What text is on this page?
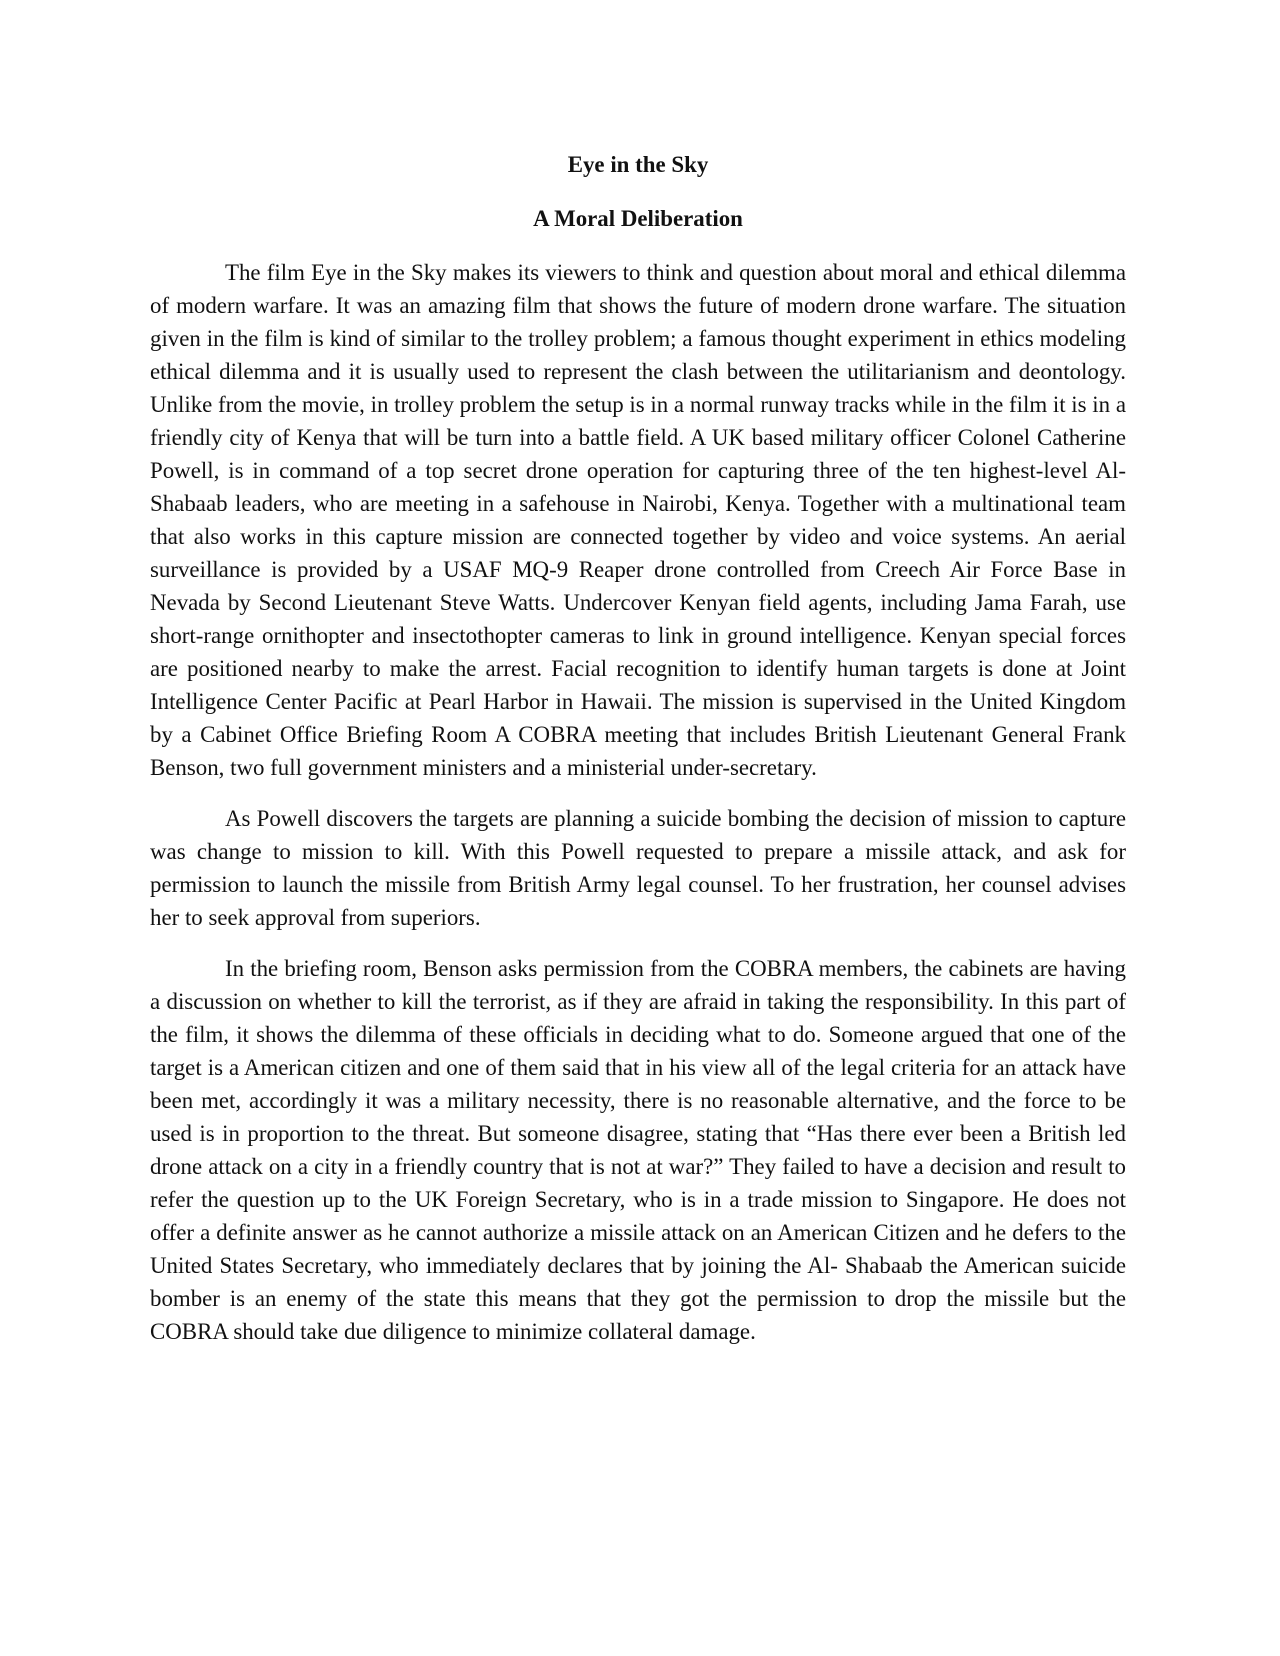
Eye in the Sky

A Moral Deliberation

The film Eye in the Sky makes its viewers to think and question about moral and ethical dilemma of modern warfare. It was an amazing film that shows the future of modern drone warfare. The situation given in the film is kind of similar to the trolley problem; a famous thought experiment in ethics modeling ethical dilemma and it is usually used to represent the clash between the utilitarianism and deontology. Unlike from the movie, in trolley problem the setup is in a normal runway tracks while in the film it is in a friendly city of Kenya that will be turn into a battle field. A UK based military officer Colonel Catherine Powell, is in command of a top secret drone operation for capturing three of the ten highest-level Al-Shabaab leaders, who are meeting in a safehouse in Nairobi, Kenya. Together with a multinational team that also works in this capture mission are connected together by video and voice systems. An aerial surveillance is provided by a USAF MQ-9 Reaper drone controlled from Creech Air Force Base in Nevada by Second Lieutenant Steve Watts. Undercover Kenyan field agents, including Jama Farah, use short-range ornithopter and insectothopter cameras to link in ground intelligence. Kenyan special forces are positioned nearby to make the arrest. Facial recognition to identify human targets is done at Joint Intelligence Center Pacific at Pearl Harbor in Hawaii. The mission is supervised in the United Kingdom by a Cabinet Office Briefing Room A COBRA meeting that includes British Lieutenant General Frank Benson, two full government ministers and a ministerial under-secretary.

As Powell discovers the targets are planning a suicide bombing the decision of mission to capture was change to mission to kill. With this Powell requested to prepare a missile attack, and ask for permission to launch the missile from British Army legal counsel. To her frustration, her counsel advises her to seek approval from superiors.

In the briefing room, Benson asks permission from the COBRA members, the cabinets are having a discussion on whether to kill the terrorist, as if they are afraid in taking the responsibility. In this part of the film, it shows the dilemma of these officials in deciding what to do. Someone argued that one of the target is a American citizen and one of them said that in his view all of the legal criteria for an attack have been met, accordingly it was a military necessity, there is no reasonable alternative, and the force to be used is in proportion to the threat. But someone disagree, stating that “Has there ever been a British led drone attack on a city in a friendly country that is not at war?” They failed to have a decision and result to refer the question up to the UK Foreign Secretary, who is in a trade mission to Singapore. He does not offer a definite answer as he cannot authorize a missile attack on an American Citizen and he defers to the United States Secretary, who immediately declares that by joining the Al- Shabaab the American suicide bomber is an enemy of the state this means that they got the permission to drop the missile but the COBRA should take due diligence to minimize collateral damage.
